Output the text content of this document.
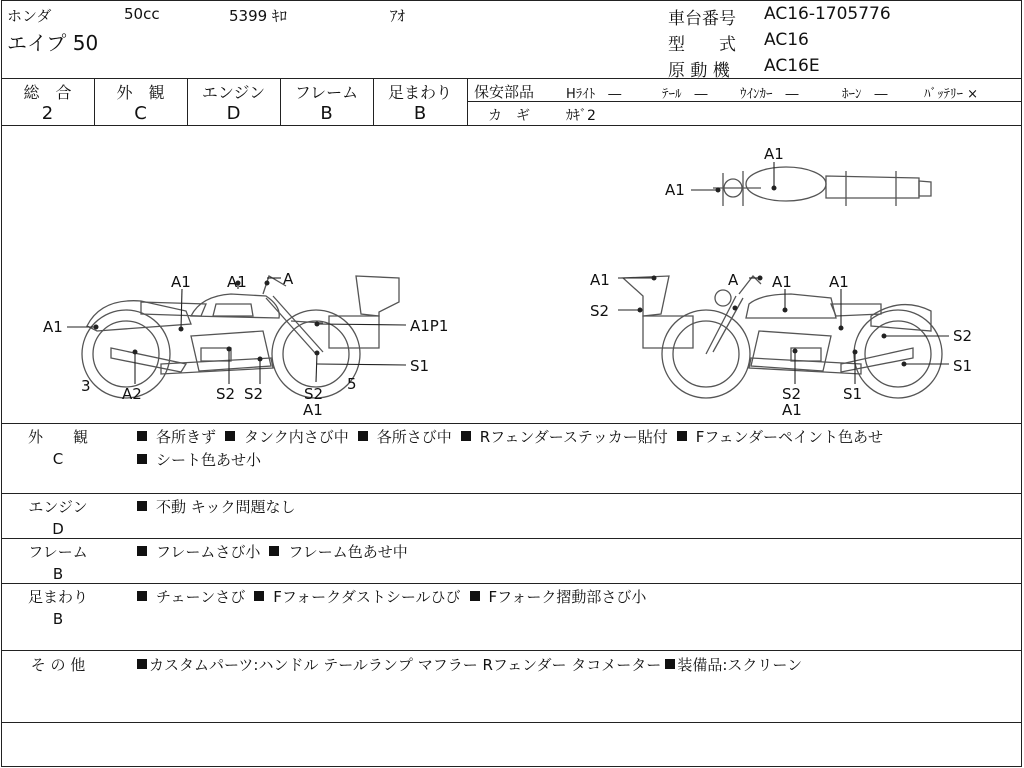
ホンダ	50cc	5399 ｷﾛ	ｱｵ
エイプ 50
車台番号 AC16-1705776
型　　式 AC16
原 動 機 AC16E
総　合
2
外　観
C
エンジン
D
フレーム
B
足まわり
B
保安部品 Hﾗｲﾄ　―	ﾃｰﾙ　― ｳｲﾝｶｰ　―	ﾎｰﾝ　―	ﾊﾞｯﾃﾘｰ ×
カ　ギ	ｶｷﾞ2
A1
A1
A1
A1 A1 A
A1P1
S1
3 A2	S2 S2	S2
5
A1
A1
S2
A A1 A1
S2
S1
S2
A1
S1
外　　観
C
各所きず タンク内さび中 各所さび中 Rフェンダーステッカー貼付 Fフェンダーペイント色あせ
シート色あせ小
エンジン
D
不動 キック問題なし
フレーム
B
フレームさび小 フレーム色あせ中
足まわり
B
チェーンさび Fフォークダストシールひび Fフォーク摺動部さび小
そ の 他	カスタムパーツ:ハンドル テールランプ マフラー Rフェンダー タコメーター 装備品:スクリーン
